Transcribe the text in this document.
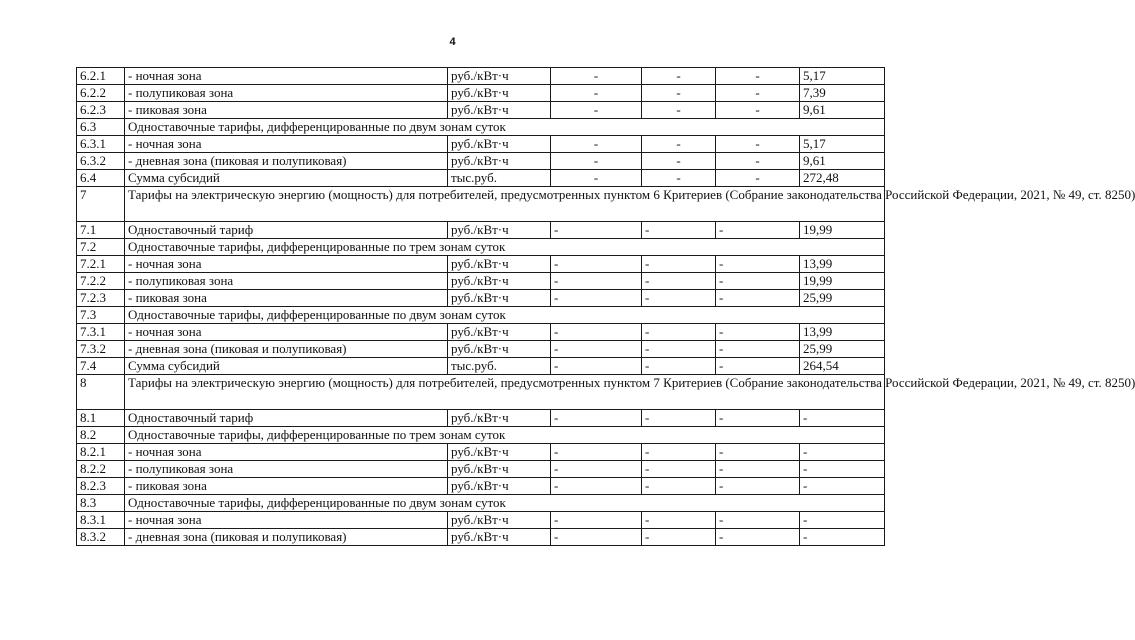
4
6.2.1	- ночная зона	руб./кВт·ч	-	-	-	5,17
6.2.2	- полупиковая зона	руб./кВт·ч	-	-	-	7,39
6.2.3	- пиковая зона	руб./кВт·ч	-	-	-	9,61
6.3	Одноставочные тарифы, дифференцированные по двум зонам суток					
6.3.1	- ночная зона	руб./кВт·ч	-	-	-	5,17
6.3.2	- дневная зона (пиковая и полупиковая)	руб./кВт·ч	-	-	-	9,61
6.4	Сумма субсидий	тыс.руб.	-	-	-	272,48
7	Тарифы на электрическую энергию (мощность) для потребителей, предусмотренных пунктом 6 Критериев (Собрание законодательства Российской Федерации, 2021, № 49, ст. 8250)					
7.1	Одноставочный тариф	руб./кВт·ч	-	-	-	19,99
7.2	Одноставочные тарифы, дифференцированные по трем зонам суток					
7.2.1	- ночная зона	руб./кВт·ч	-	-	-	13,99
7.2.2	- полупиковая зона	руб./кВт·ч	-	-	-	19,99
7.2.3	- пиковая зона	руб./кВт·ч	-	-	-	25,99
7.3	Одноставочные тарифы, дифференцированные по двум зонам суток					
7.3.1	- ночная зона	руб./кВт·ч	-	-	-	13,99
7.3.2	- дневная зона (пиковая и полупиковая)	руб./кВт·ч	-	-	-	25,99
7.4	Сумма субсидий	тыс.руб.	-	-	-	264,54
8	Тарифы на электрическую энергию (мощность) для потребителей, предусмотренных пунктом 7 Критериев (Собрание законодательства Российской Федерации, 2021, № 49, ст. 8250)					
8.1	Одноставочный тариф	руб./кВт·ч	-	-	-	-
8.2	Одноставочные тарифы, дифференцированные по трем зонам суток					
8.2.1	- ночная зона	руб./кВт·ч	-	-	-	-
8.2.2	- полупиковая зона	руб./кВт·ч	-	-	-	-
8.2.3	- пиковая зона	руб./кВт·ч	-	-	-	-
8.3	Одноставочные тарифы, дифференцированные по двум зонам суток					
8.3.1	- ночная зона	руб./кВт·ч	-	-	-	-
8.3.2	- дневная зона (пиковая и полупиковая)	руб./кВт·ч	-	-	-	-
